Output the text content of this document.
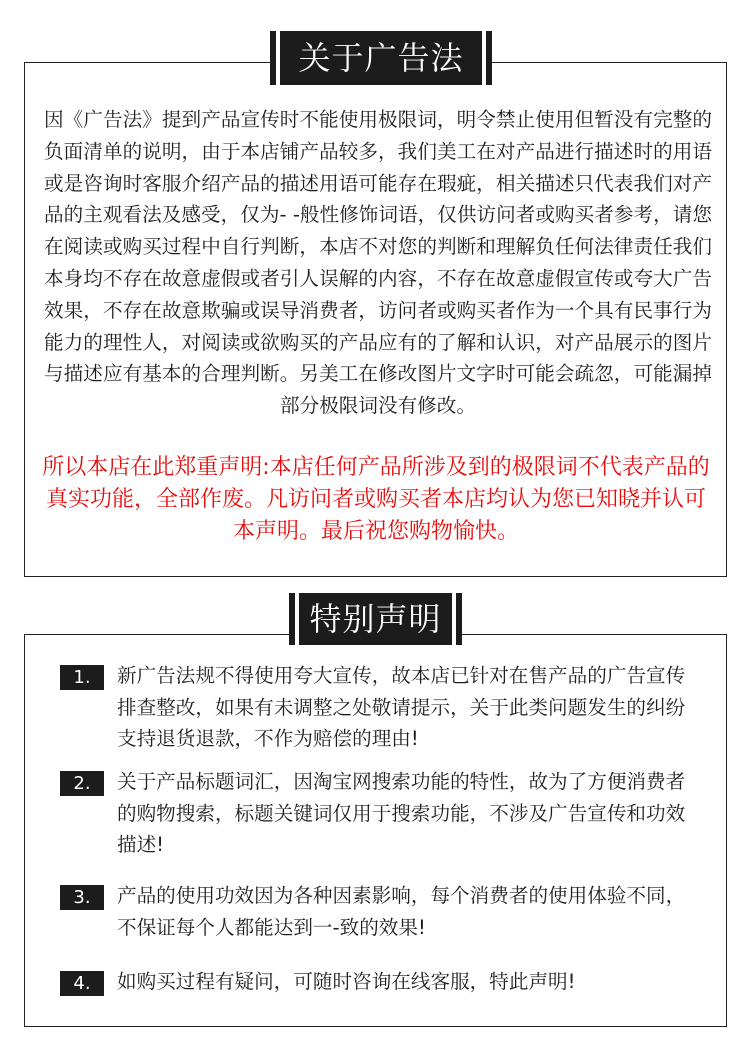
关于广告法

因《广告法》提到产品宣传时不能使用极限词，明令禁止使用但暂没有完整的负面清单的说明，由于本店铺产品较多，我们美工在对产品进行描述时的用语或是咨询时客服介绍产品的描述用语可能存在瑕疵，相关描述只代表我们对产品的主观看法及感受，仅为- -般性修饰词语，仅供访问者或购买者参考，请您在阅读或购买过程中自行判断，本店不对您的判断和理解负任何法律责任我们本身均不存在故意虚假或者引人误解的内容，不存在故意虚假宣传或夸大广告效果，不存在故意欺骗或误导消费者，访问者或购买者作为一个具有民事行为能力的理性人，对阅读或欲购买的产品应有的了解和认识，对产品展示的图片与描述应有基本的合理判断。另美工在修改图片文字时可能会疏忽，可能漏掉部分极限词没有修改。

所以本店在此郑重声明:本店任何产品所涉及到的极限词不代表产品的真实功能，全部作废。凡访问者或购买者本店均认为您已知晓并认可本声明。最后祝您购物愉快。

特别声明
1.	新广告法规不得使用夸大宣传，故本店已针对在售产品的广告宣传排查整改，如果有未调整之处敬请提示，关于此类问题发生的纠纷支持退货退款，不作为赔偿的理由!

2.	关于产品标题词汇，因淘宝网搜索功能的特性，故为了方便消费者的购物搜索，标题关键词仅用于搜索功能，不涉及广告宣传和功效描述!

3.	产品的使用功效因为各种因素影响，每个消费者的使用体验不同，不保证每个人都能达到一-致的效果!

4.	如购买过程有疑问，可随时咨询在线客服，特此声明!
